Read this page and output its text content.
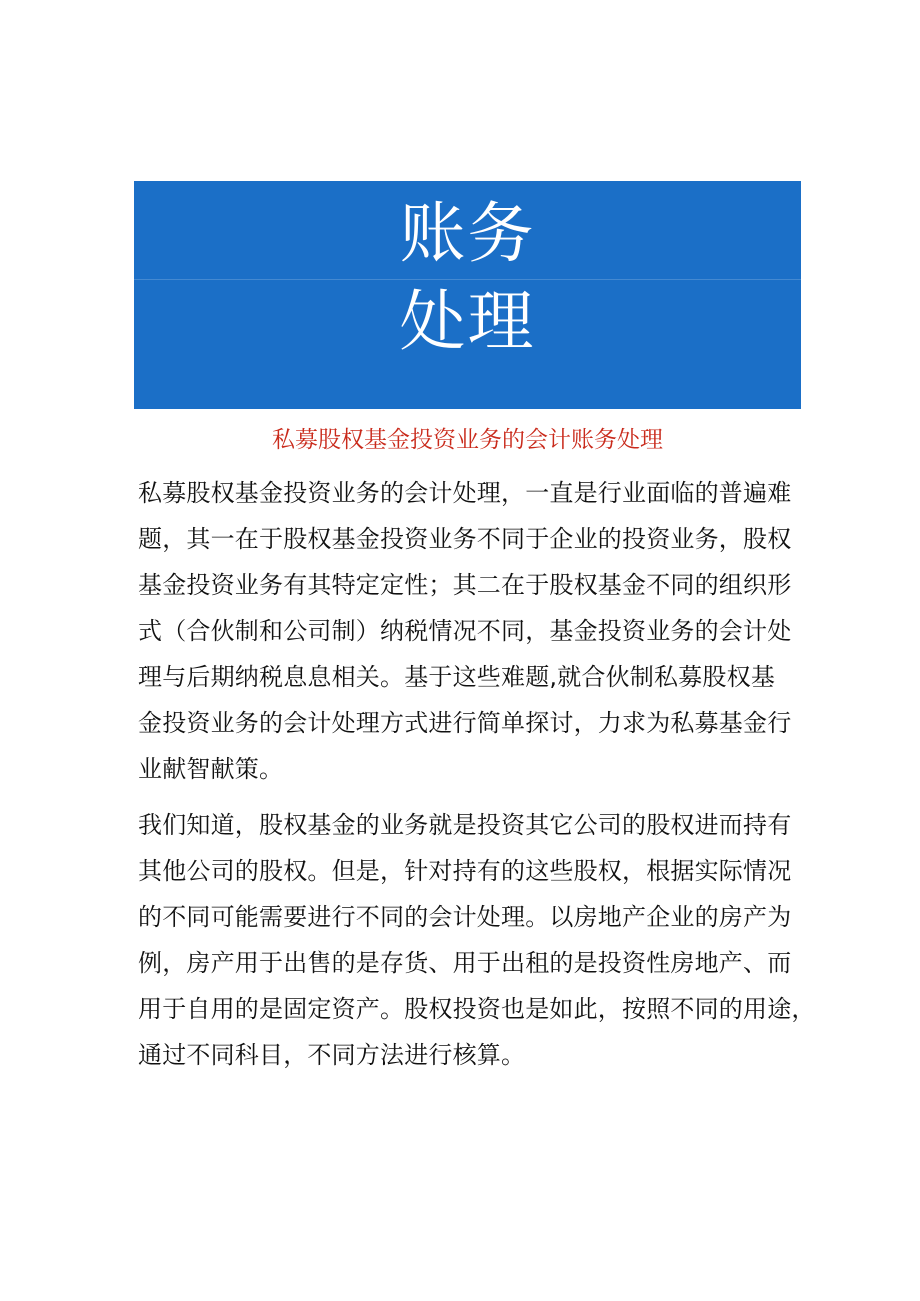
账务
处理
私募股权基金投资业务的会计账务处理
私募股权基金投资业务的会计处理，一直是行业面临的普遍难
题，其一在于股权基金投资业务不同于企业的投资业务，股权
基金投资业务有其特定定性；其二在于股权基金不同的组织形
式（合伙制和公司制）纳税情况不同，基金投资业务的会计处
理与后期纳税息息相关。基于这些难题,就合伙制私募股权基
金投资业务的会计处理方式进行简单探讨，力求为私募基金行
业献智献策。
我们知道，股权基金的业务就是投资其它公司的股权进而持有
其他公司的股权。但是，针对持有的这些股权，根据实际情况
的不同可能需要进行不同的会计处理。以房地产企业的房产为
例，房产用于出售的是存货、用于出租的是投资性房地产、而
用于自用的是固定资产。股权投资也是如此，按照不同的用途，
通过不同科目，不同方法进行核算。
